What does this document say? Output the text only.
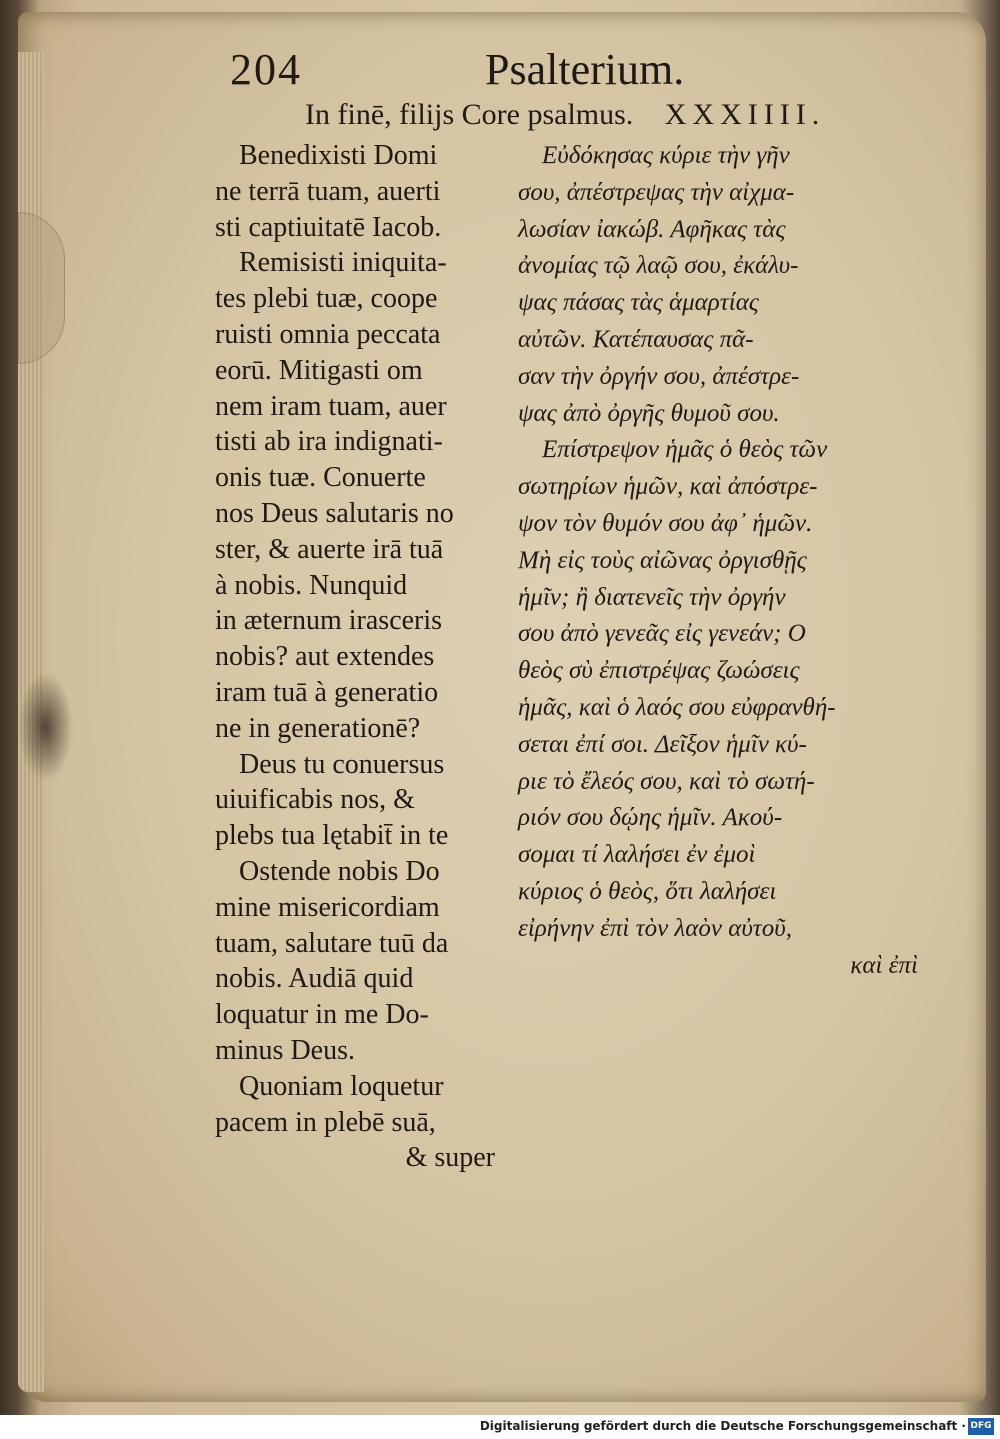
204	Psalterium.
In finē, filijs Core psalmus. XXXIIII.
Benedixisti Domi
ne terrā tuam, auerti
sti captiuitatē Iacob.
Remisisti iniquita-
tes plebi tuæ, coope
ruisti omnia peccata
eorū. Mitigasti om
nem iram tuam, auer
tisti ab ira indignati-
onis tuæ. Conuerte
nos Deus salutaris no
ster, & auerte irā tuā
à nobis. Nunquid
in æternum irasceris
nobis? aut extendes
iram tuā à generatio
ne in generationē?
Deus tu conuersus
uiuificabis nos, &
plebs tua lętabit̄ in te
Ostende nobis Do
mine misericordiam
tuam, salutare tuū da
nobis. Audiā quid
loquatur in me Do-
minus Deus.
Quoniam loquetur
pacem in plebē suā,
& super
Εὐδόκησας κύριε τὴν γῆν
σου, ἀπέστρεψας τὴν αἰχμα-
λωσίαν ἰακώβ. Αφῆκας τὰς
ἀνομίας τῷ λαῷ σου, ἐκάλυ-
ψας πάσας τὰς ἁμαρτίας
αὐτῶν. Κατέπαυσας πᾶ-
σαν τὴν ὀργήν σου, ἀπέστρε-
ψας ἀπὸ ὀργῆς θυμοῦ σου.
Επίστρεψον ἡμᾶς ὁ θεὸς τῶν
σωτηρίων ἡμῶν, καὶ ἀπόστρε-
ψον τὸν θυμόν σου ἀφ᾽ ἡμῶν.
Μὴ εἰς τοὺς αἰῶνας ὀργισθῇς
ἡμῖν; ἢ διατενεῖς τὴν ὀργήν
σου ἀπὸ γενεᾶς εἰς γενεάν; Ο
θεὸς σὺ ἐπιστρέψας ζωώσεις
ἡμᾶς, καὶ ὁ λαός σου εὐφρανθή-
σεται ἐπί σοι. Δεῖξον ἡμῖν κύ-
ριε τὸ ἔλεός σου, καὶ τὸ σωτή-
ριόν σου δῴης ἡμῖν. Ακού-
σομαι τί λαλήσει ἐν ἐμοὶ
κύριος ὁ θεὸς, ὅτι λαλήσει
εἰρήνην ἐπὶ τὸν λαὸν αὐτοῦ,
καὶ ἐπὶ
Digitalisierung gefördert durch die Deutsche Forschungsgemeinschaft · DFG
